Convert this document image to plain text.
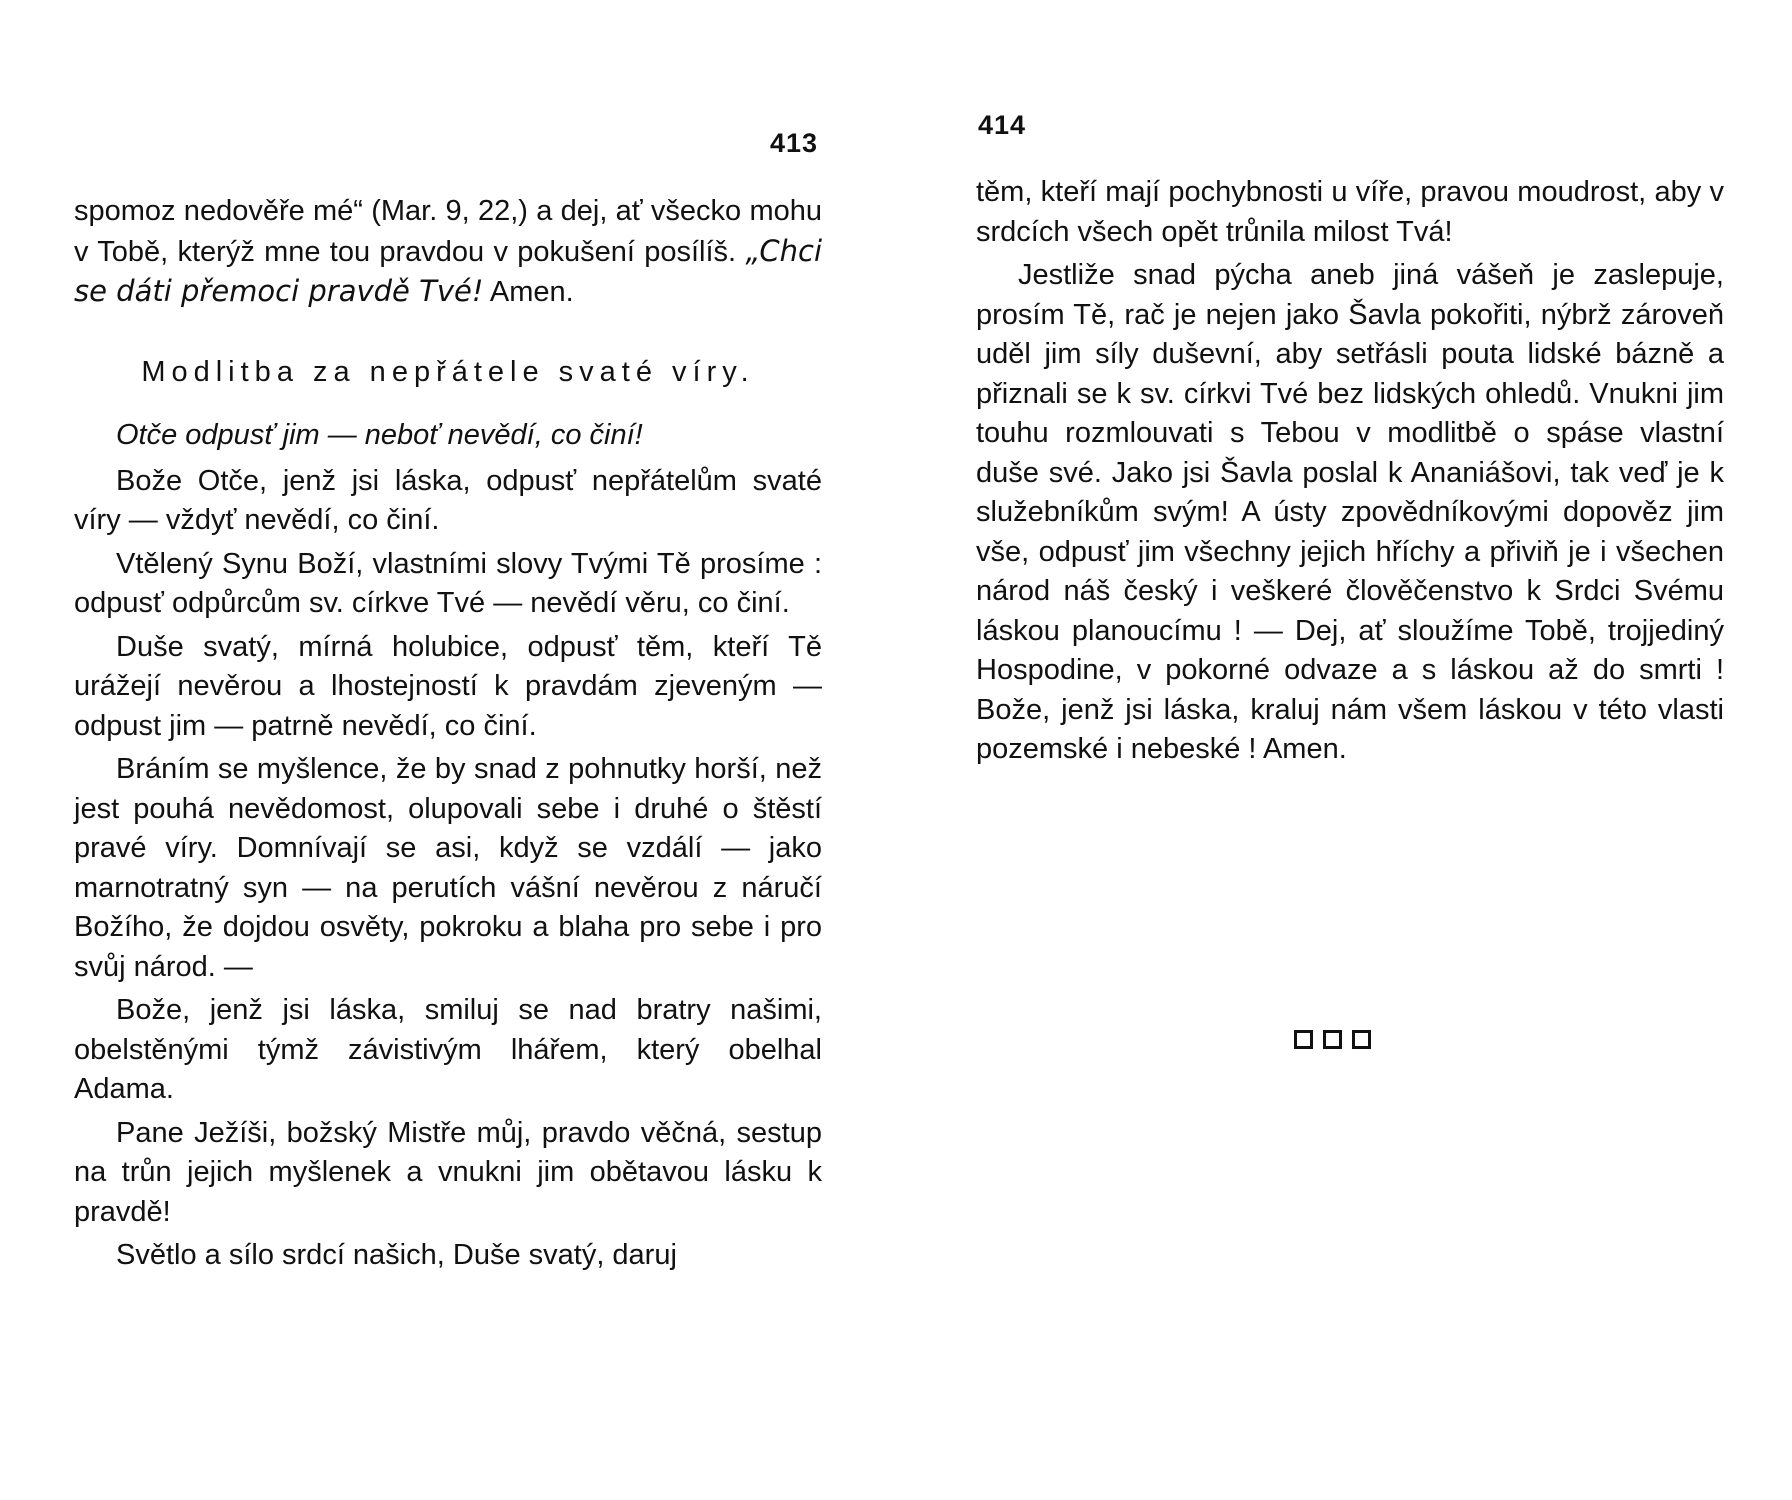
413

spomoz nedověře mé“ (Mar. 9, 22,) a dej, ať všecko mohu v Tobě, kterýž mne tou pravdou v pokušení posílíš. „Chci se dáti přemoci pravdě Tvé! Amen.

Modlitba za nepřátele svaté víry.
Otče odpusť jim — neboť nevědí, co činí!

Bože Otče, jenž jsi láska, odpusť nepřátelům svaté víry — vždyť nevědí, co činí.

Vtělený Synu Boží, vlastními slovy Tvými Tě prosíme : odpusť odpůrcům sv. církve Tvé — nevědí věru, co činí.

Duše svatý, mírná holubice, odpusť těm, kteří Tě urážejí nevěrou a lhostejností k pravdám zjeveným — odpust jim — patrně nevědí, co činí.

Bráním se myšlence, že by snad z pohnutky horší, než jest pouhá nevědomost, olupovali sebe i druhé o štěstí pravé víry. Domnívají se asi, když se vzdálí — jako marnotratný syn — na perutích vášní nevěrou z náručí Božího, že dojdou osvěty, pokroku a blaha pro sebe i pro svůj národ. —

Bože, jenž jsi láska, smiluj se nad bratry našimi, obelstěnými týmž závistivým lhářem, který obelhal Adama.

Pane Ježíši, božský Mistře můj, pravdo věčná, sestup na trůn jejich myšlenek a vnukni jim obětavou lásku k pravdě!

Světlo a sílo srdcí našich, Duše svatý, daruj

414

těm, kteří mají pochybnosti u víře, pravou moudrost, aby v srdcích všech opět trůnila milost Tvá!

Jestliže snad pýcha aneb jiná vášeň je zaslepuje, prosím Tě, rač je nejen jako Šavla pokořiti, nýbrž zároveň uděl jim síly duševní, aby setřásli pouta lidské bázně a přiznali se k sv. církvi Tvé bez lidských ohledů. Vnukni jim touhu rozmlouvati s Tebou v modlitbě o spáse vlastní duše své. Jako jsi Šavla poslal k Ananiášovi, tak veď je k služebníkům svým! A ústy zpovědníkovými dopověz jim vše, odpusť jim všechny jejich hříchy a přiviň je i všechen národ náš český i veškeré člověčenstvo k Srdci Svému láskou planoucímu ! — Dej, ať sloužíme Tobě, trojjediný Hospodine, v pokorné odvaze a s láskou až do smrti ! Bože, jenž jsi láska, kraluj nám všem láskou v této vlasti pozemské i nebeské ! Amen.
